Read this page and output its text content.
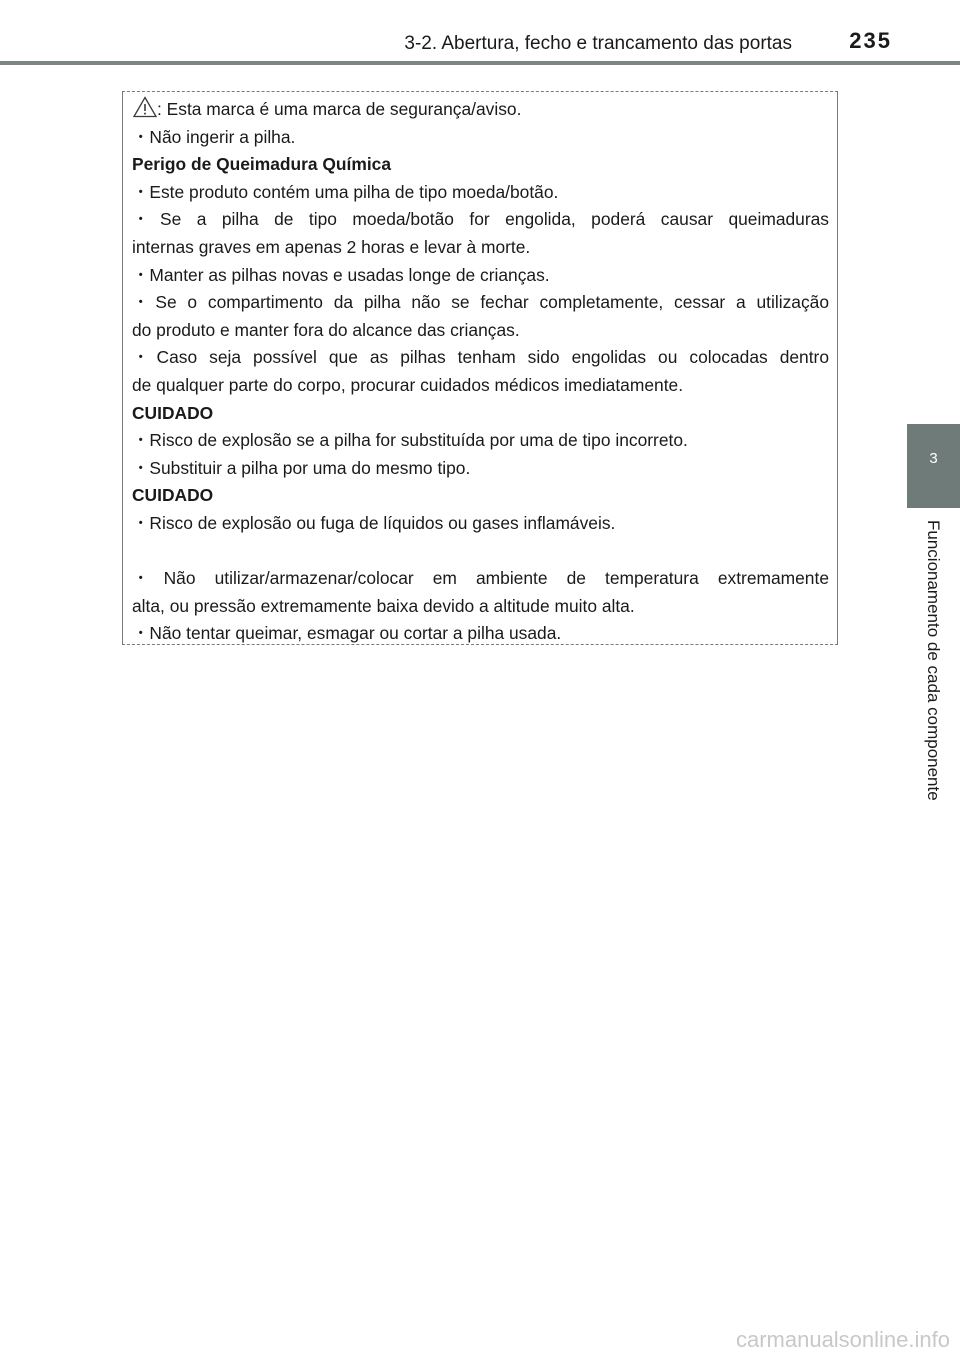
3-2. Abertura, fecho e trancamento das portas	235
3
Funcionamento de cada componente
: Esta marca é uma marca de segurança/aviso.
・Não ingerir a pilha.
Perigo de Queimadura Química
・Este produto contém uma pilha de tipo moeda/botão.
・Se a pilha de tipo moeda/botão for engolida, poderá causar queimaduras
internas graves em apenas 2 horas e levar à morte.
・Manter as pilhas novas e usadas longe de crianças.
・Se o compartimento da pilha não se fechar completamente, cessar a utilização
do produto e manter fora do alcance das crianças.
・Caso seja possível que as pilhas tenham sido engolidas ou colocadas dentro
de qualquer parte do corpo, procurar cuidados médicos imediatamente.
CUIDADO
・Risco de explosão se a pilha for substituída por uma de tipo incorreto.
・Substituir a pilha por uma do mesmo tipo.
CUIDADO
・Risco de explosão ou fuga de líquidos ou gases inflamáveis.
・Não utilizar/armazenar/colocar em ambiente de temperatura extremamente
alta, ou pressão extremamente baixa devido a altitude muito alta.
・Não tentar queimar, esmagar ou cortar a pilha usada.
carmanualsonline.info
